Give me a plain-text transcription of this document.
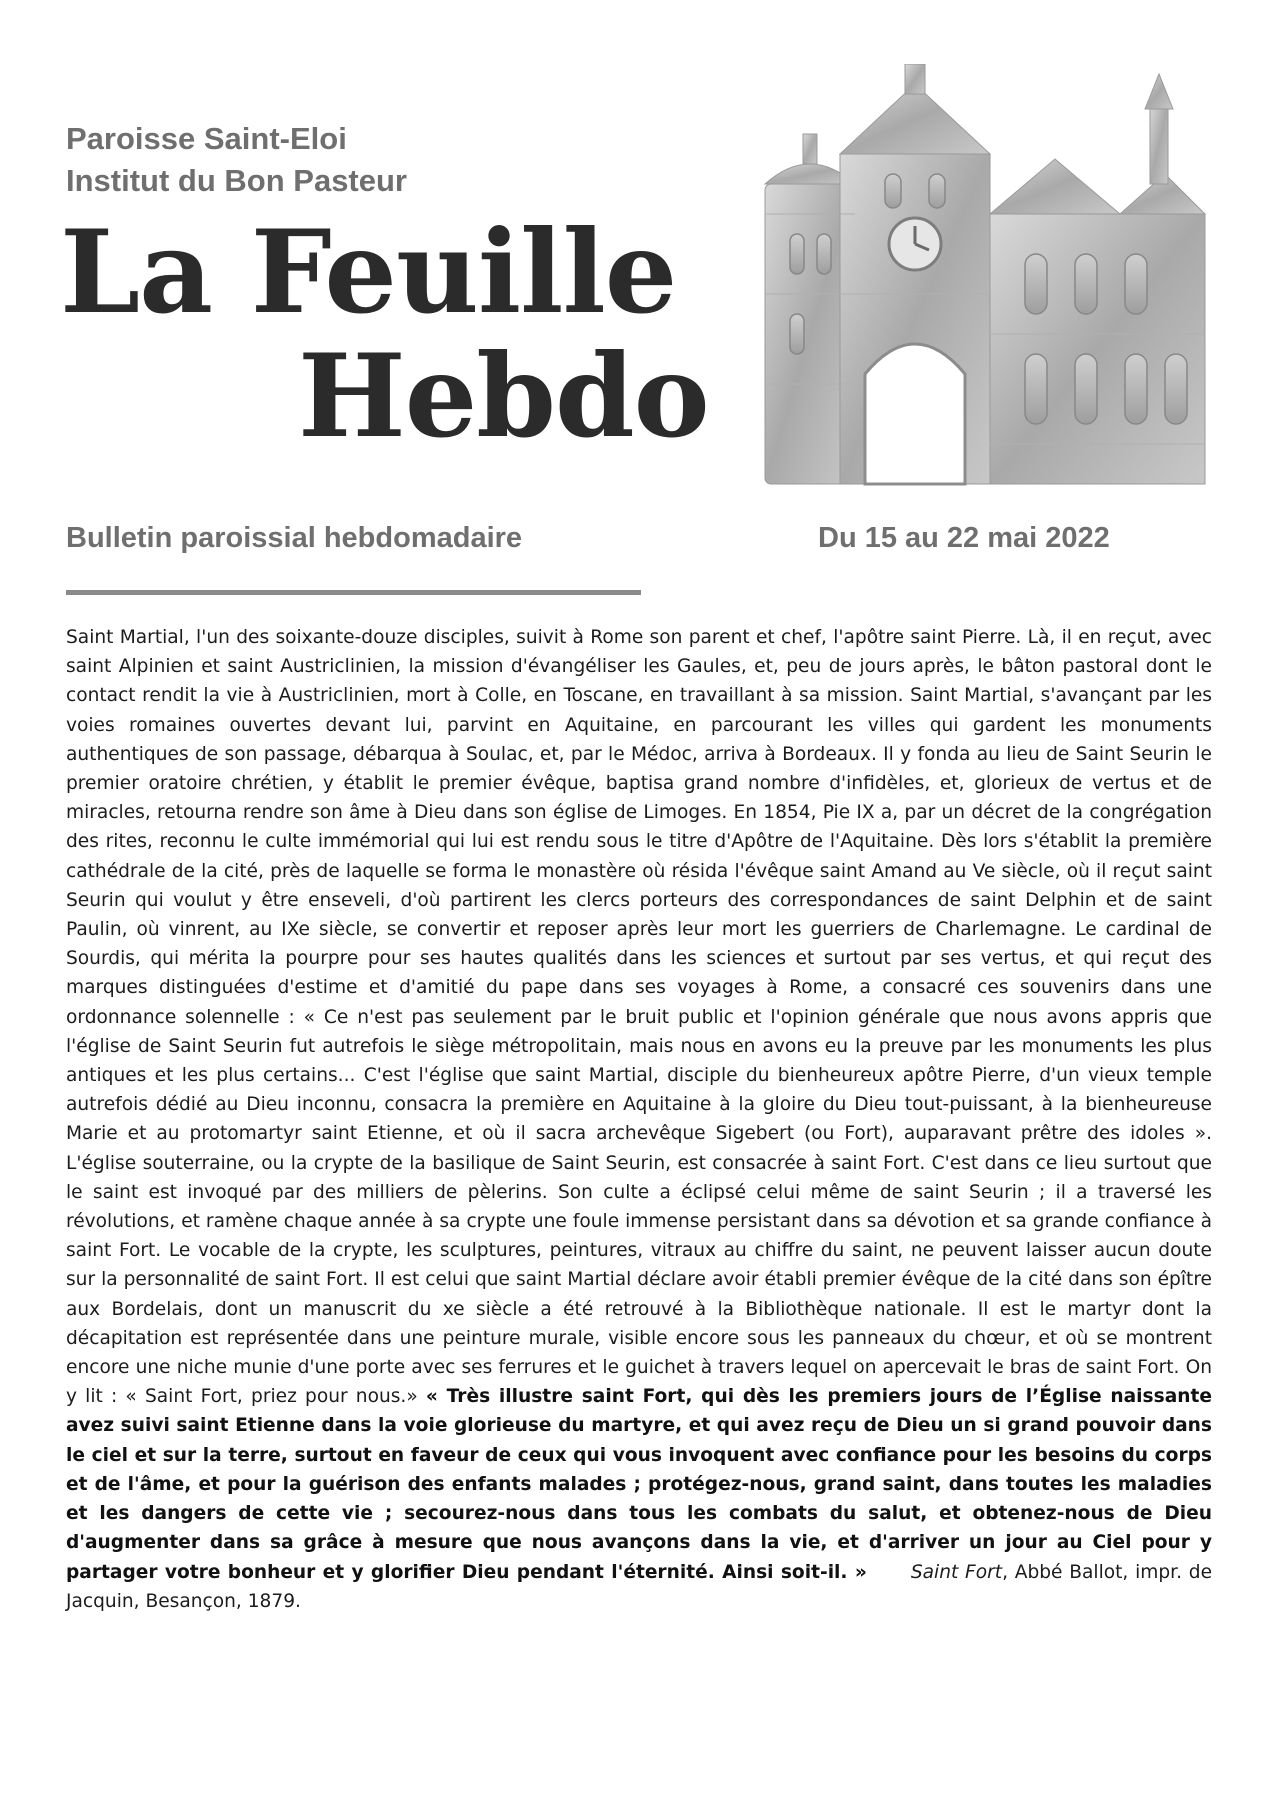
Paroisse Saint-Eloi
Institut du Bon Pasteur
La Feuille
Hebdo
Bulletin paroissial hebdomadaire	Du 15 au 22 mai 2022
Saint Martial, l'un des soixante-douze disciples, suivit à Rome son parent et chef, l'apôtre saint Pierre. Là, il en reçut, avec saint Alpinien et saint Austriclinien, la mission d'évangéliser les Gaules, et, peu de jours après, le bâton pastoral dont le contact rendit la vie à Austriclinien, mort à Colle, en Toscane, en travaillant à sa mission. Saint Martial, s'avançant par les voies romaines ouvertes devant lui, parvint en Aquitaine, en parcourant les villes qui gardent les monuments authentiques de son passage, débarqua à Soulac, et, par le Médoc, arriva à Bordeaux. Il y fonda au lieu de Saint Seurin le premier oratoire chrétien, y établit le premier évêque, baptisa grand nombre d'infidèles, et, glorieux de vertus et de miracles, retourna rendre son âme à Dieu dans son église de Limoges. En 1854, Pie IX a, par un décret de la congrégation des rites, reconnu le culte immémorial qui lui est rendu sous le titre d'Apôtre de l'Aquitaine. Dès lors s'établit la première cathédrale de la cité, près de laquelle se forma le monastère où résida l'évêque saint Amand au Ve siècle, où il reçut saint Seurin qui voulut y être enseveli, d'où partirent les clercs porteurs des correspondances de saint Delphin et de saint Paulin, où vinrent, au IXe siècle, se convertir et reposer après leur mort les guerriers de Charlemagne. Le cardinal de Sourdis, qui mérita la pourpre pour ses hautes qualités dans les sciences et surtout par ses vertus, et qui reçut des marques distinguées d'estime et d'amitié du pape dans ses voyages à Rome, a consacré ces souvenirs dans une ordonnance solennelle : « Ce n'est pas seulement par le bruit public et l'opinion générale que nous avons appris que l'église de Saint Seurin fut autrefois le siège métropolitain, mais nous en avons eu la preuve par les monuments les plus antiques et les plus certains... C'est l'église que saint Martial, disciple du bienheureux apôtre Pierre, d'un vieux temple autrefois dédié au Dieu inconnu, consacra la première en Aquitaine à la gloire du Dieu tout-puissant, à la bienheureuse Marie et au protomartyr saint Etienne, et où il sacra archevêque Sigebert (ou Fort), auparavant prêtre des idoles ». L'église souterraine, ou la crypte de la basilique de Saint Seurin, est consacrée à saint Fort. C'est dans ce lieu surtout que le saint est invoqué par des milliers de pèlerins. Son culte a éclipsé celui même de saint Seurin ; il a traversé les révolutions, et ramène chaque année à sa crypte une foule immense persistant dans sa dévotion et sa grande confiance à saint Fort. Le vocable de la crypte, les sculptures, peintures, vitraux au chiffre du saint, ne peuvent laisser aucun doute sur la personnalité de saint Fort. Il est celui que saint Martial déclare avoir établi premier évêque de la cité dans son épître aux Bordelais, dont un manuscrit du xe siècle a été retrouvé à la Bibliothèque nationale. Il est le martyr dont la décapitation est représentée dans une peinture murale, visible encore sous les panneaux du chœur, et où se montrent encore une niche munie d'une porte avec ses ferrures et le guichet à travers lequel on apercevait le bras de saint Fort. On y lit : « Saint Fort, priez pour nous.» « Très illustre saint Fort, qui dès les premiers jours de l’Église naissante avez suivi saint Etienne dans la voie glorieuse du martyre, et qui avez reçu de Dieu un si grand pouvoir dans le ciel et sur la terre, surtout en faveur de ceux qui vous invoquent avec confiance pour les besoins du corps et de l'âme, et pour la guérison des enfants malades ; protégez-nous, grand saint, dans toutes les maladies et les dangers de cette vie ; secourez-nous dans tous les combats du salut, et obtenez-nous de Dieu d'augmenter dans sa grâce à mesure que nous avançons dans la vie, et d'arriver un jour au Ciel pour y partager votre bonheur et y glorifier Dieu pendant l'éternité. Ainsi soit-il. » Saint Fort, Abbé Ballot, impr. de Jacquin, Besançon, 1879.
